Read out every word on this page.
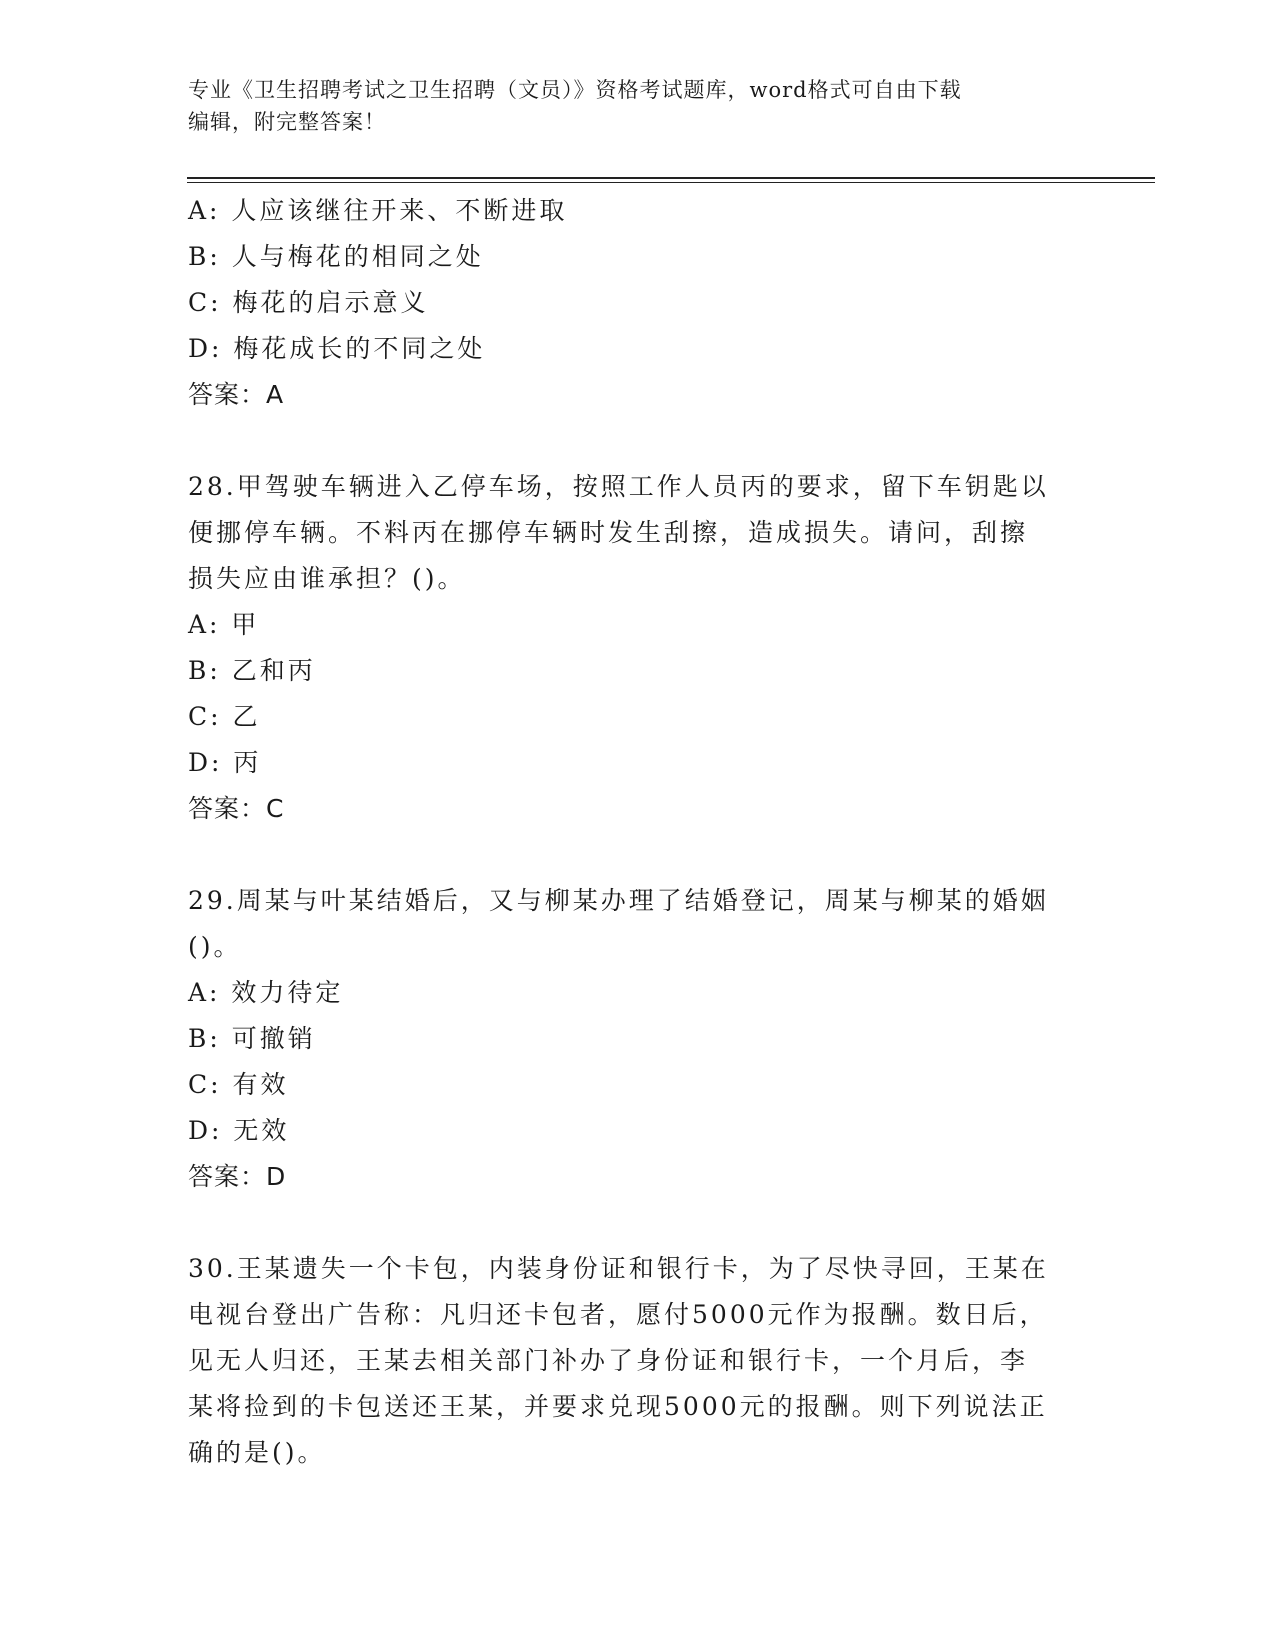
专业《卫生招聘考试之卫生招聘（文员）》资格考试题库，word格式可自由下载
编辑，附完整答案！
A: 人应该继往开来、不断进取
B: 人与梅花的相同之处
C: 梅花的启示意义
D: 梅花成长的不同之处
答案：A
28.甲驾驶车辆进入乙停车场，按照工作人员丙的要求，留下车钥匙以
便挪停车辆。不料丙在挪停车辆时发生刮擦，造成损失。请问，刮擦
损失应由谁承担？()。
A: 甲
B: 乙和丙
C: 乙
D: 丙
答案：C
29.周某与叶某结婚后，又与柳某办理了结婚登记，周某与柳某的婚姻
()。
A: 效力待定
B: 可撤销
C: 有效
D: 无效
答案：D
30.王某遗失一个卡包，内装身份证和银行卡，为了尽快寻回，王某在
电视台登出广告称：凡归还卡包者，愿付5000元作为报酬。数日后，
见无人归还，王某去相关部门补办了身份证和银行卡，一个月后，李
某将捡到的卡包送还王某，并要求兑现5000元的报酬。则下列说法正
确的是()。
